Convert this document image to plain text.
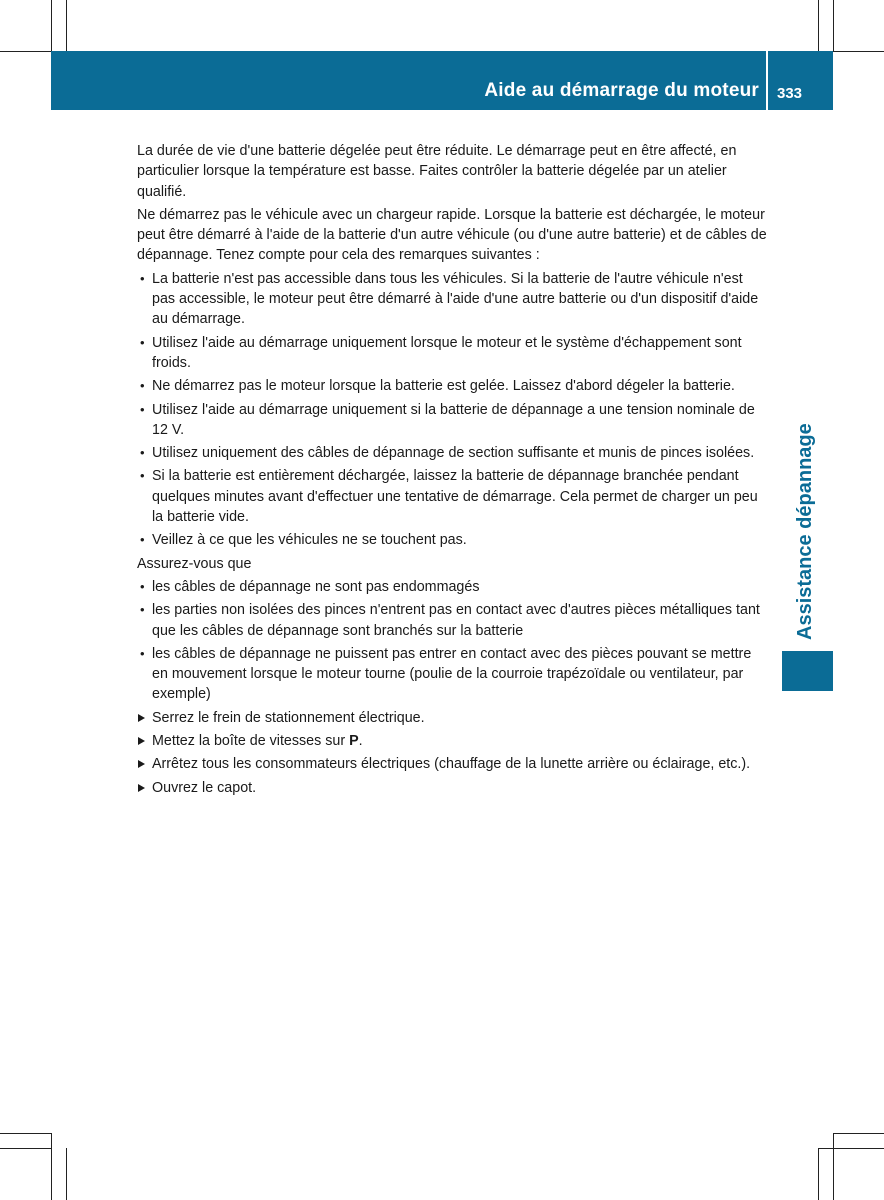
Aide au démarrage du moteur 333
Assistance dépannage

La durée de vie d'une batterie dégelée peut être réduite. Le démarrage peut en être affecté, en particulier lorsque la température est basse. Faites contrôler la batterie dégelée par un atelier qualifié.

Ne démarrez pas le véhicule avec un chargeur rapide. Lorsque la batterie est déchargée, le moteur peut être démarré à l'aide de la batterie d'un autre véhicule (ou d'une autre batterie) et de câbles de dépannage. Tenez compte pour cela des remarques suivantes :

• La batterie n'est pas accessible dans tous les véhicules. Si la batterie de l'autre véhicule n'est pas accessible, le moteur peut être démarré à l'aide d'une autre batterie ou d'un dispositif d'aide au démarrage.
• Utilisez l'aide au démarrage uniquement lorsque le moteur et le système d'échappement sont froids.
• Ne démarrez pas le moteur lorsque la batterie est gelée. Laissez d'abord dégeler la batterie.
• Utilisez l'aide au démarrage uniquement si la batterie de dépannage a une tension nominale de 12 V.
• Utilisez uniquement des câbles de dépannage de section suffisante et munis de pinces isolées.
• Si la batterie est entièrement déchargée, laissez la batterie de dépannage branchée pendant quelques minutes avant d'effectuer une tentative de démarrage. Cela permet de charger un peu la batterie vide.
• Veillez à ce que les véhicules ne se touchent pas.

Assurez-vous que

• les câbles de dépannage ne sont pas endommagés
• les parties non isolées des pinces n'entrent pas en contact avec d'autres pièces métalliques tant que les câbles de dépannage sont branchés sur la batterie
• les câbles de dépannage ne puissent pas entrer en contact avec des pièces pouvant se mettre en mouvement lorsque le moteur tourne (poulie de la courroie trapézoïdale ou ventilateur, par exemple)
Serrez le frein de stationnement électrique.
Mettez la boîte de vitesses sur P.
Arrêtez tous les consommateurs électriques (chauffage de la lunette arrière ou éclairage, etc.).
Ouvrez le capot.
